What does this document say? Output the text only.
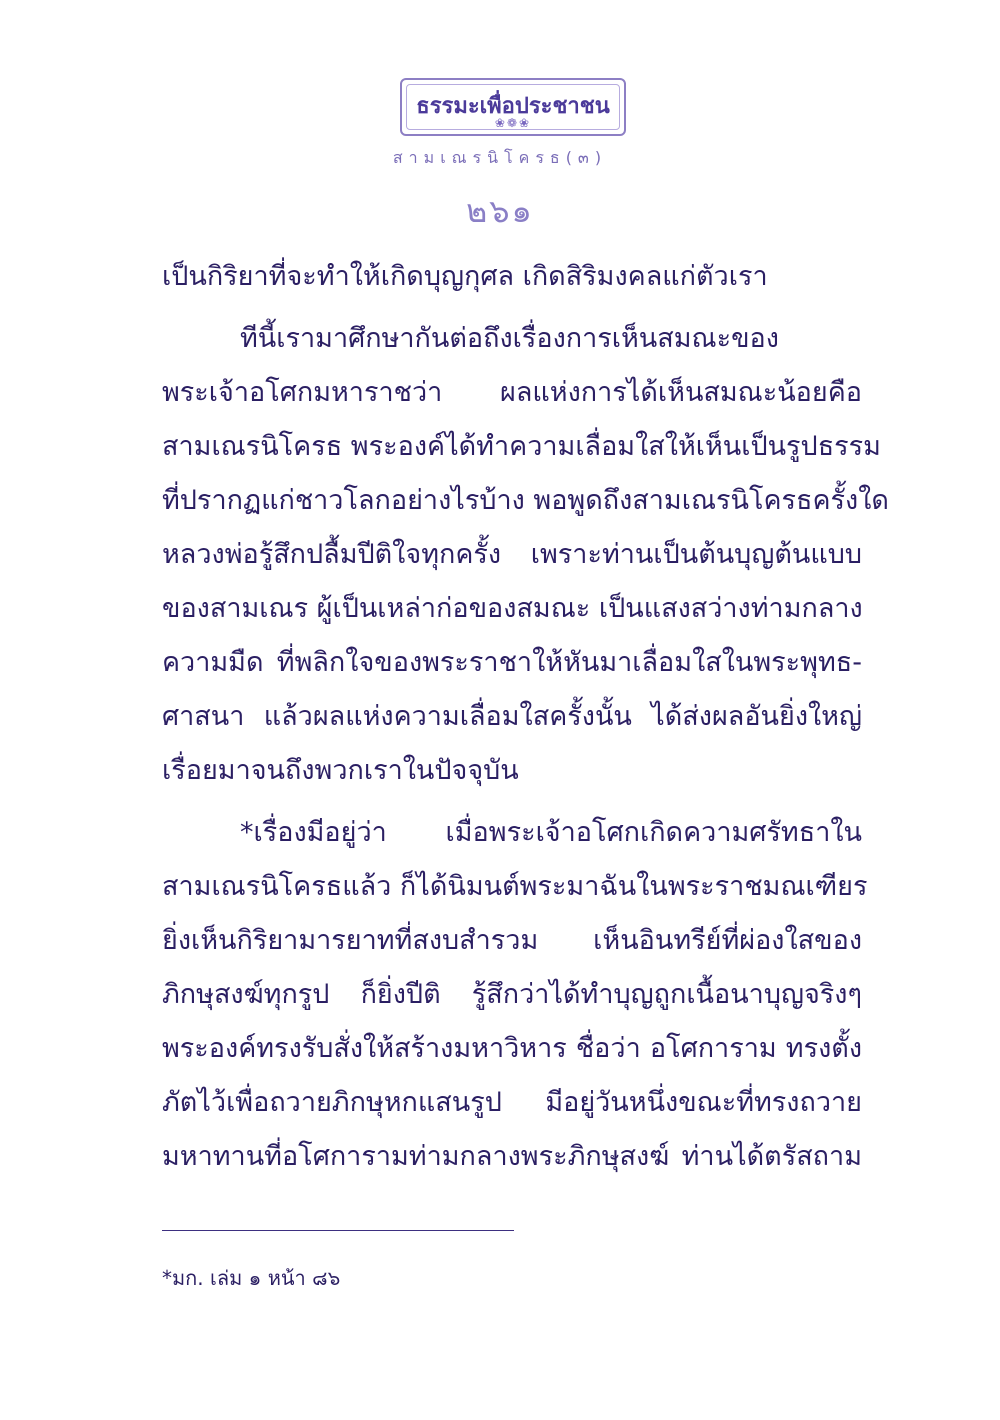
ธรรมะเพื่อประชาชน
❀❁❀
สามเณรนิโครธ(๓)
๒๖๑
เป็นกิริยาที่จะทำให้เกิดบุญกุศล เกิดสิริมงคลแก่ตัวเรา
ทีนี้เรามาศึกษากันต่อถึงเรื่องการเห็นสมณะของ
พระเจ้าอโศกมหาราชว่า ผลแห่งการได้เห็นสมณะน้อยคือ
สามเณรนิโครธ พระองค์ได้ทำความเลื่อมใสให้เห็นเป็นรูปธรรม
ที่ปรากฏแก่ชาวโลกอย่างไรบ้าง พอพูดถึงสามเณรนิโครธครั้งใด
หลวงพ่อรู้สึกปลื้มปีติใจทุกครั้ง เพราะท่านเป็นต้นบุญต้นแบบ
ของสามเณร ผู้เป็นเหล่าก่อของสมณะ เป็นแสงสว่างท่ามกลาง
ความมืด ที่พลิกใจของพระราชาให้หันมาเลื่อมใสในพระพุทธ-
ศาสนา แล้วผลแห่งความเลื่อมใสครั้งนั้น ได้ส่งผลอันยิ่งใหญ่
เรื่อยมาจนถึงพวกเราในปัจจุบัน
*เรื่องมีอยู่ว่า เมื่อพระเจ้าอโศกเกิดความศรัทธาใน
สามเณรนิโครธแล้ว ก็ได้นิมนต์พระมาฉันในพระราชมณเฑียร
ยิ่งเห็นกิริยามารยาทที่สงบสำรวม เห็นอินทรีย์ที่ผ่องใสของ
ภิกษุสงฆ์ทุกรูป ก็ยิ่งปีติ รู้สึกว่าได้ทำบุญถูกเนื้อนาบุญจริงๆ
พระองค์ทรงรับสั่งให้สร้างมหาวิหาร ชื่อว่า อโศการาม ทรงตั้ง
ภัตไว้เพื่อถวายภิกษุหกแสนรูป มีอยู่วันหนึ่งขณะที่ทรงถวาย
มหาทานที่อโศการามท่ามกลางพระภิกษุสงฆ์ ท่านได้ตรัสถาม
*มก. เล่ม ๑ หน้า ๘๖
